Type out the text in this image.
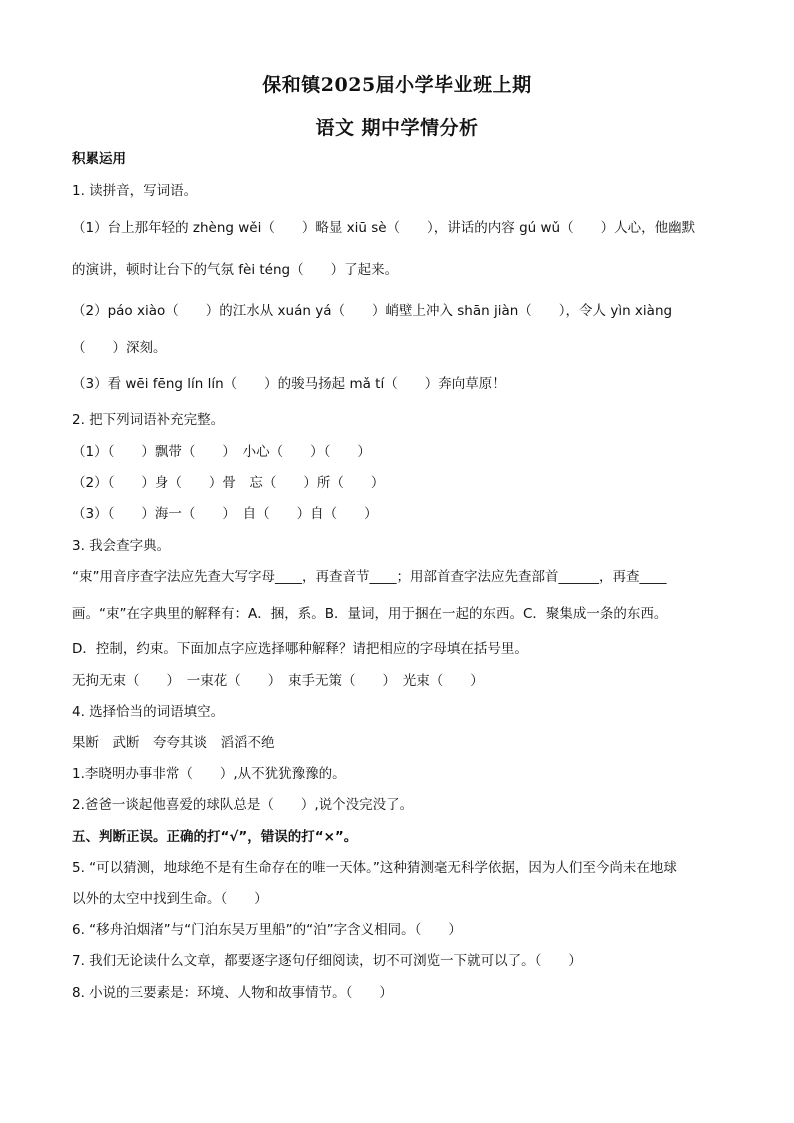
保和镇2025届小学毕业班上期
语文 期中学情分析
积累运用
1. 读拼音，写词语。
（1）台上那年轻的 zhèng wěi（　　）略显 xiū sè（　　），讲话的内容 gú wǔ（　　）人心，他幽默
的演讲，顿时让台下的气氛 fèi téng（　　）了起来。
（2）páo xiào（　　）的江水从 xuán yá（　　）峭壁上冲入 shān jiàn（　　），令人 yìn xiàng
（　　）深刻。
（3）看 wēi fēng lín lín（　　）的骏马扬起 mǎ tí（　　）奔向草原！
2. 把下列词语补充完整。
（1）（　　）飘带（　　）　小心（　　）（　　）
（2）（　　）身（　　）骨　忘（　　）所（　　）
（3）（　　）海一（　　）　自（　　）自（　　）
3. 我会查字典。
“束”用音序查字法应先查大写字母____，再查音节____；用部首查字法应先查部首______，再查____
画。“束”在字典里的解释有：A．捆，系。B．量词，用于捆在一起的东西。C．聚集成一条的东西。
D．控制，约束。下面加点字应选择哪种解释？请把相应的字母填在括号里。
无拘无束（　　）　一束花（　　）　束手无策（　　）　光束（　　）
4. 选择恰当的词语填空。
果断　武断　夸夸其谈　滔滔不绝
1.李晓明办事非常（　　）,从不犹犹豫豫的。
2.爸爸一谈起他喜爱的球队总是（　　）,说个没完没了。
五、判断正误。正确的打“√”，错误的打“×”。
5. “可以猜测，地球绝不是有生命存在的唯一天体。”这种猜测毫无科学依据，因为人们至今尚未在地球
以外的太空中找到生命。（　　）
6. “移舟泊烟渚”与“门泊东吴万里船”的“泊”字含义相同。（　　）
7. 我们无论读什么文章，都要逐字逐句仔细阅读，切不可浏览一下就可以了。（　　）
8. 小说的三要素是：环境、人物和故事情节。（　　）
